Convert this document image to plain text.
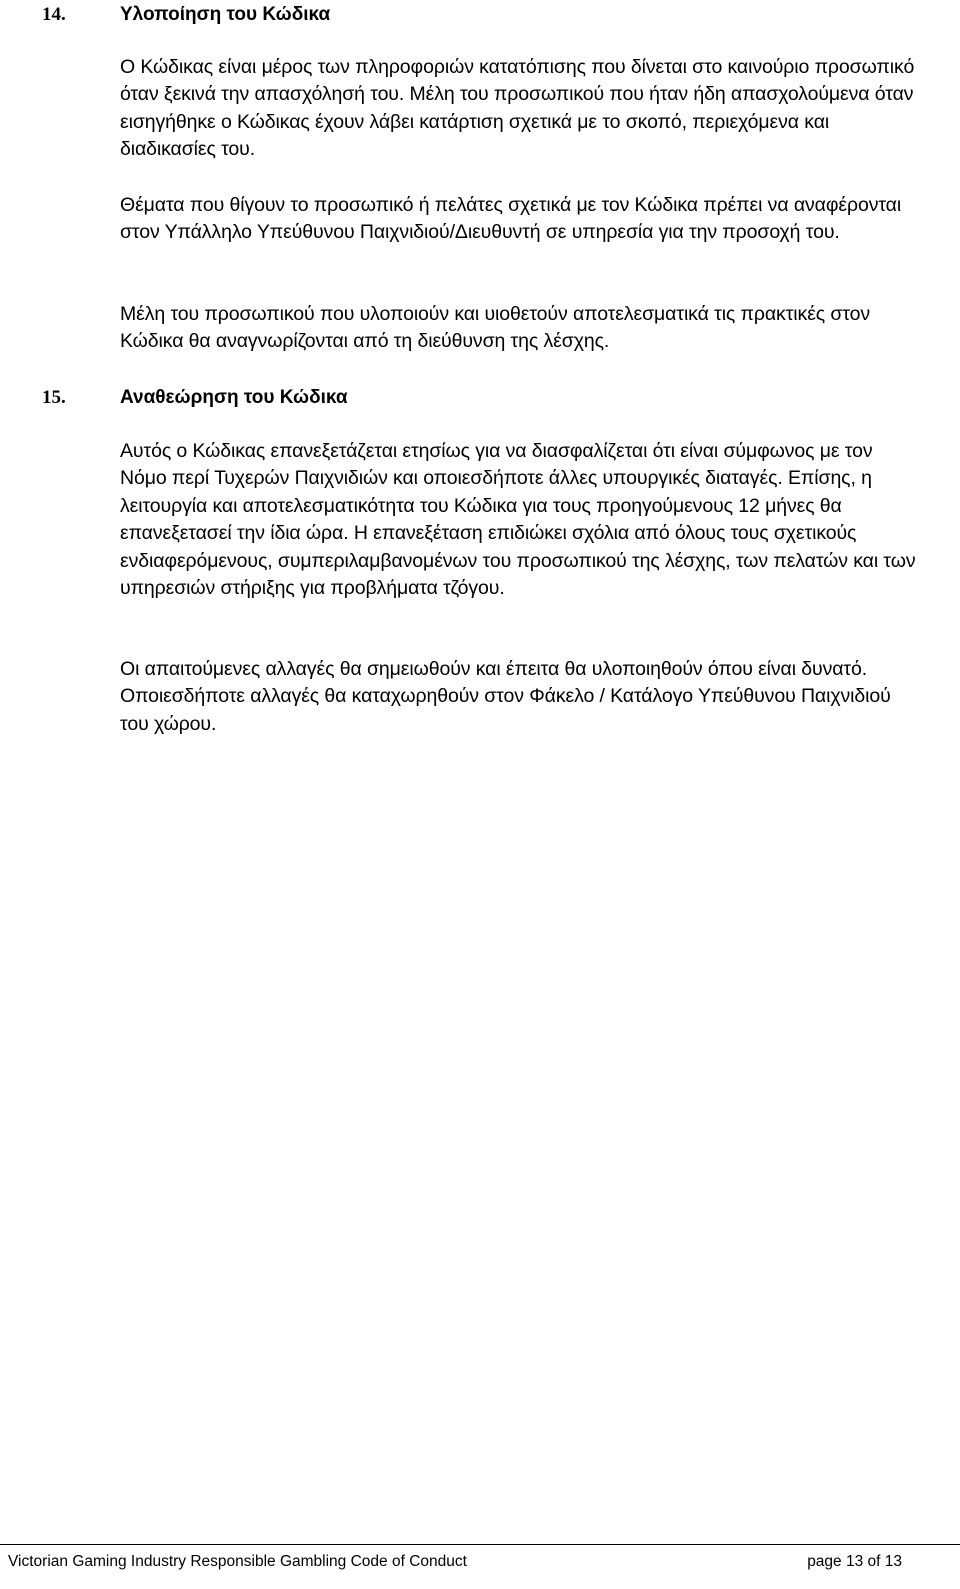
14.	Υλοποίηση του Κώδικα

Ο Κώδικας είναι μέρος των πληροφοριών κατατόπισης που δίνεται στο καινούριο προσωπικό όταν ξεκινά την απασχόλησή του. Μέλη του προσωπικού που ήταν ήδη απασχολούμενα όταν εισηγήθηκε ο Κώδικας έχουν λάβει κατάρτιση σχετικά με το σκοπό, περιεχόμενα και διαδικασίες του.

Θέματα που θίγουν το προσωπικό ή πελάτες σχετικά με τον Κώδικα πρέπει να αναφέρονται στον Υπάλληλο Υπεύθυνου Παιχνιδιού/Διευθυντή σε υπηρεσία για την προσοχή του.

Μέλη του προσωπικού που υλοποιούν και υιοθετούν αποτελεσματικά τις πρακτικές στον Κώδικα θα αναγνωρίζονται από τη διεύθυνση της λέσχης.

15.	Αναθεώρηση του Κώδικα

Αυτός ο Κώδικας επανεξετάζεται ετησίως για να διασφαλίζεται ότι είναι σύμφωνος με τον Νόμο περί Τυχερών Παιχνιδιών και οποιεσδήποτε άλλες υπουργικές διαταγές. Επίσης, η λειτουργία και αποτελεσματικότητα του Κώδικα για τους προηγούμενους 12 μήνες θα επανεξετασεί την ίδια ώρα. Η επανεξέταση επιδιώκει σχόλια από όλους τους σχετικούς ενδιαφερόμενους, συμπεριλαμβανομένων του προσωπικού της λέσχης, των πελατών και των υπηρεσιών στήριξης για προβλήματα τζόγου.

Οι απαιτούμενες αλλαγές θα σημειωθούν και έπειτα θα υλοποιηθούν όπου είναι δυνατό. Οποιεσδήποτε αλλαγές θα καταχωρηθούν στον Φάκελο / Κατάλογο Υπεύθυνου Παιχνιδιού του χώρου.

Victorian Gaming Industry Responsible Gambling Code of Conduct	page 13 of 13
